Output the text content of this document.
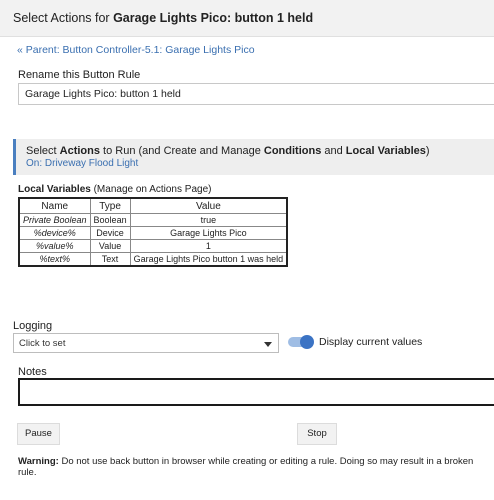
Select Actions for Garage Lights Pico: button 1 held
« Parent: Button Controller-5.1: Garage Lights Pico
Rename this Button Rule
Garage Lights Pico: button 1 held
Select Actions to Run (and Create and Manage Conditions and Local Variables)
On: Driveway Flood Light
Local Variables (Manage on Actions Page)
Name	Type	Value
Private Boolean	Boolean	true
%device%	Device	Garage Lights Pico
%value%	Value	1
%text%	Text	Garage Lights Pico button 1 was held
Logging
Click to set	Display current values
Notes
Pause	Stop
Warning: Do not use back button in browser while creating or editing a rule. Doing so may result in a broken rule.
